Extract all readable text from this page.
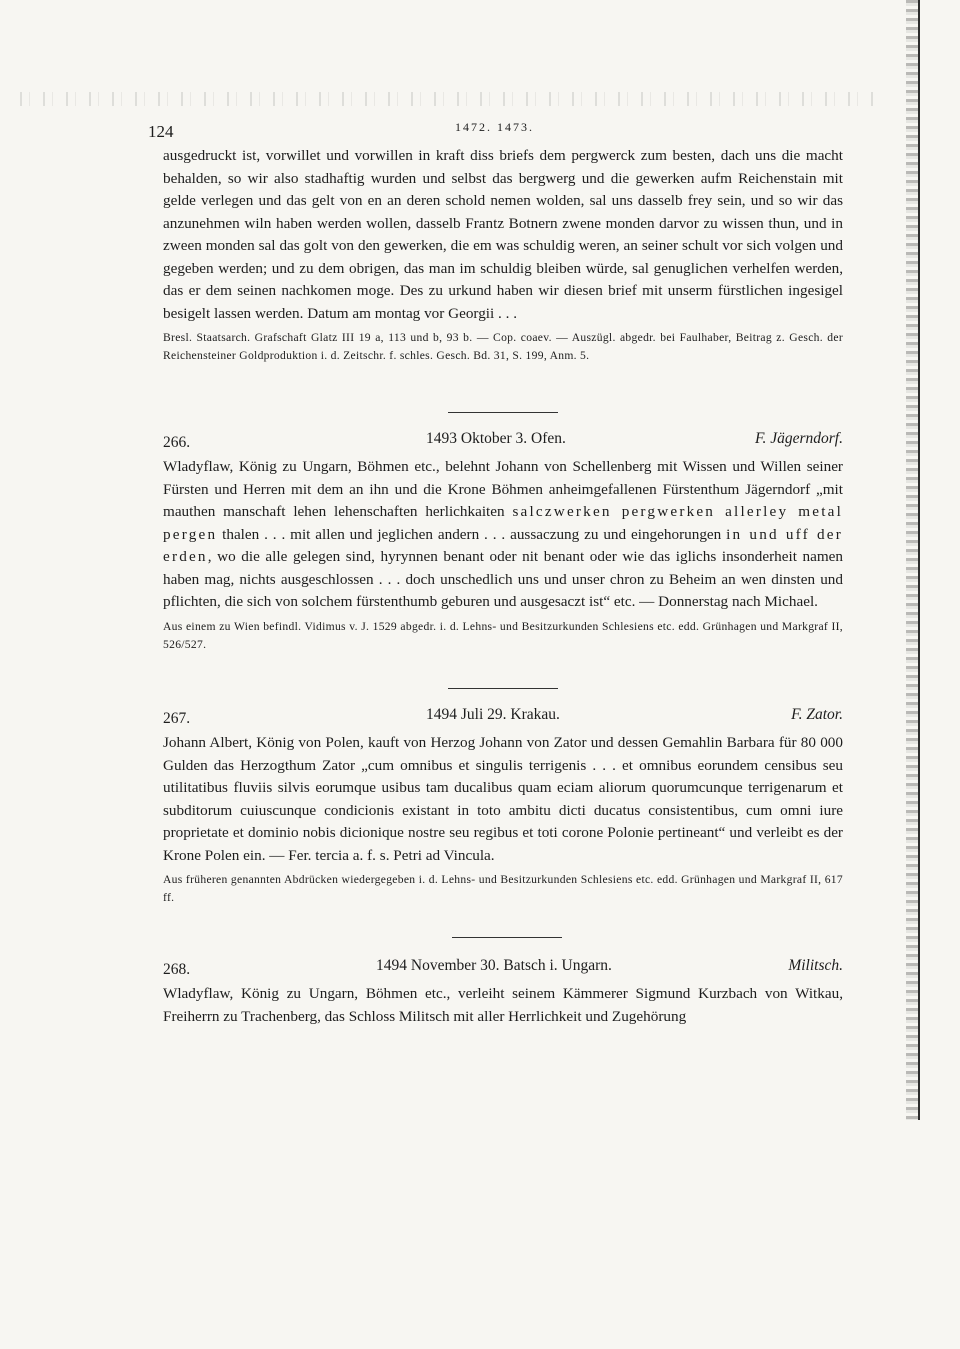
124	1472. 1473.

ausgedruckt ist, vorwillet und vorwillen in kraft diss briefs dem pergwerck zum besten, dach uns die macht behalden, so wir also stadhaftig wurden und selbst das bergwerg und die gewerken aufm Reichenstain mit gelde verlegen und das gelt von en an deren schold nemen wolden, sal uns dasselb frey sein, und so wir das anzunehmen wiln haben werden wollen, dasselb Frantz Botnern zwene monden darvor zu wissen thun, und in zween monden sal das golt von den gewerken, die em was schuldig weren, an seiner schult vor sich volgen und gegeben werden; und zu dem obrigen, das man im schuldig bleiben würde, sal genuglichen verhelfen werden, das er dem seinen nachkomen moge. Des zu urkund haben wir diesen brief mit unserm fürstlichen ingesigel besigelt lassen werden. Datum am montag vor Georgii . . .

Bresl. Staatsarch. Grafschaft Glatz III 19 a, 113 und b, 93 b. — Cop. coaev. — Auszügl. abgedr. bei Faulhaber, Beitrag z. Gesch. der Reichensteiner Goldproduktion i. d. Zeitschr. f. schles. Gesch. Bd. 31, S. 199, Anm. 5.

266.	1493 Oktober 3. Ofen.	F. Jägerndorf.

Wladyflaw, König zu Ungarn, Böhmen etc., belehnt Johann von Schellenberg mit Wissen und Willen seiner Fürsten und Herren mit dem an ihn und die Krone Böhmen anheimgefallenen Fürstenthum Jägerndorf „mit mauthen manschaft lehen lehenschaften herlichkaiten salczwerken pergwerken allerley metal pergen thalen . . . mit allen und jeglichen andern . . . aussaczung zu und eingehorungen in und uff der erden, wo die alle gelegen sind, hyrynnen benant oder nit benant oder wie das iglichs insonderheit namen haben mag, nichts ausgeschlossen . . . doch unschedlich uns und unser chron zu Beheim an wen dinsten und pflichten, die sich von solchem fürstenthumb geburen und ausgesaczt ist“ etc. — Donnerstag nach Michael.

Aus einem zu Wien befindl. Vidimus v. J. 1529 abgedr. i. d. Lehns- und Besitzurkunden Schlesiens etc. edd. Grünhagen und Markgraf II, 526/527.

267.	1494 Juli 29. Krakau.	F. Zator.

Johann Albert, König von Polen, kauft von Herzog Johann von Zator und dessen Gemahlin Barbara für 80 000 Gulden das Herzogthum Zator „cum omnibus et singulis terrigenis . . . et omnibus eorundem censibus seu utilitatibus fluviis silvis eorumque usibus tam ducalibus quam eciam aliorum quorumcunque terrigenarum et subditorum cuiuscunque condicionis existant in toto ambitu dicti ducatus consistentibus, cum omni iure proprietate et dominio nobis dicionique nostre seu regibus et toti corone Polonie pertineant“ und verleibt es der Krone Polen ein. — Fer. tercia a. f. s. Petri ad Vincula.

Aus früheren genannten Abdrücken wiedergegeben i. d. Lehns- und Besitzurkunden Schlesiens etc. edd. Grünhagen und Markgraf II, 617 ff.

268.	1494 November 30. Batsch i. Ungarn.	Militsch.

Wladyflaw, König zu Ungarn, Böhmen etc., verleiht seinem Kämmerer Sigmund Kurzbach von Witkau, Freiherrn zu Trachenberg, das Schloss Militsch mit aller Herrlichkeit und Zugehörung
